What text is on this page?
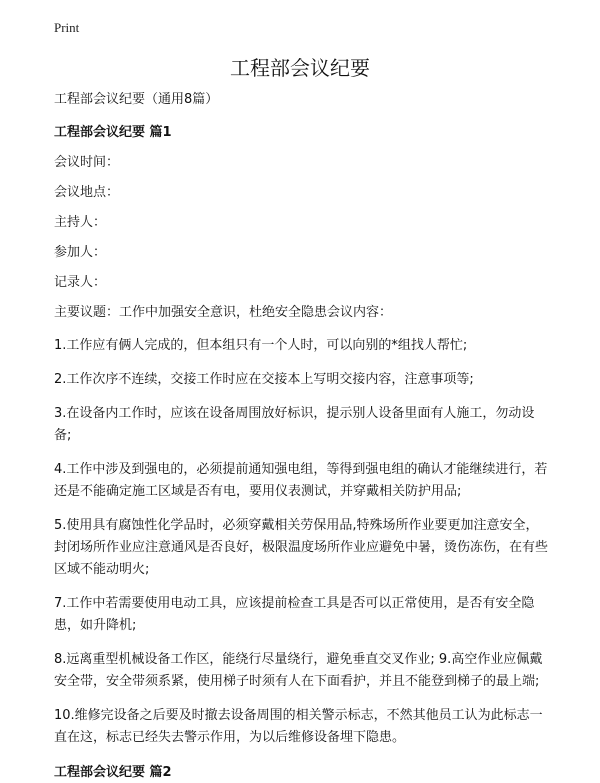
Print
工程部会议纪要

工程部会议纪要（通用8篇）

工程部会议纪要 篇1

会议时间：

会议地点：

主持人：

参加人：

记录人：

主要议题：工作中加强安全意识，杜绝安全隐患会议内容：

1.工作应有俩人完成的，但本组只有一个人时，可以向别的*组找人帮忙;

2.工作次序不连续，交接工作时应在交接本上写明交接内容，注意事项等;

3.在设备内工作时，应该在设备周围放好标识，提示别人设备里面有人施工，勿动设备;

4.工作中涉及到强电的，必须提前通知强电组，等得到强电组的确认才能继续进行，若还是不能确定施工区域是否有电，要用仪表测试，并穿戴相关防护用品;

5.使用具有腐蚀性化学品时，必须穿戴相关劳保用品,特殊场所作业要更加注意安全，封闭场所作业应注意通风是否良好，极限温度场所作业应避免中暑，烫伤冻伤，在有些区域不能动明火;

7.工作中若需要使用电动工具，应该提前检查工具是否可以正常使用，是否有安全隐患，如升降机;

8.远离重型机械设备工作区，能绕行尽量绕行，避免垂直交叉作业; 9.高空作业应佩戴安全带，安全带须系紧，使用梯子时须有人在下面看护，并且不能登到梯子的最上端;

10.维修完设备之后要及时撤去设备周围的相关警示标志，不然其他员工认为此标志一直在这，标志已经失去警示作用，为以后维修设备埋下隐患。

工程部会议纪要 篇2
